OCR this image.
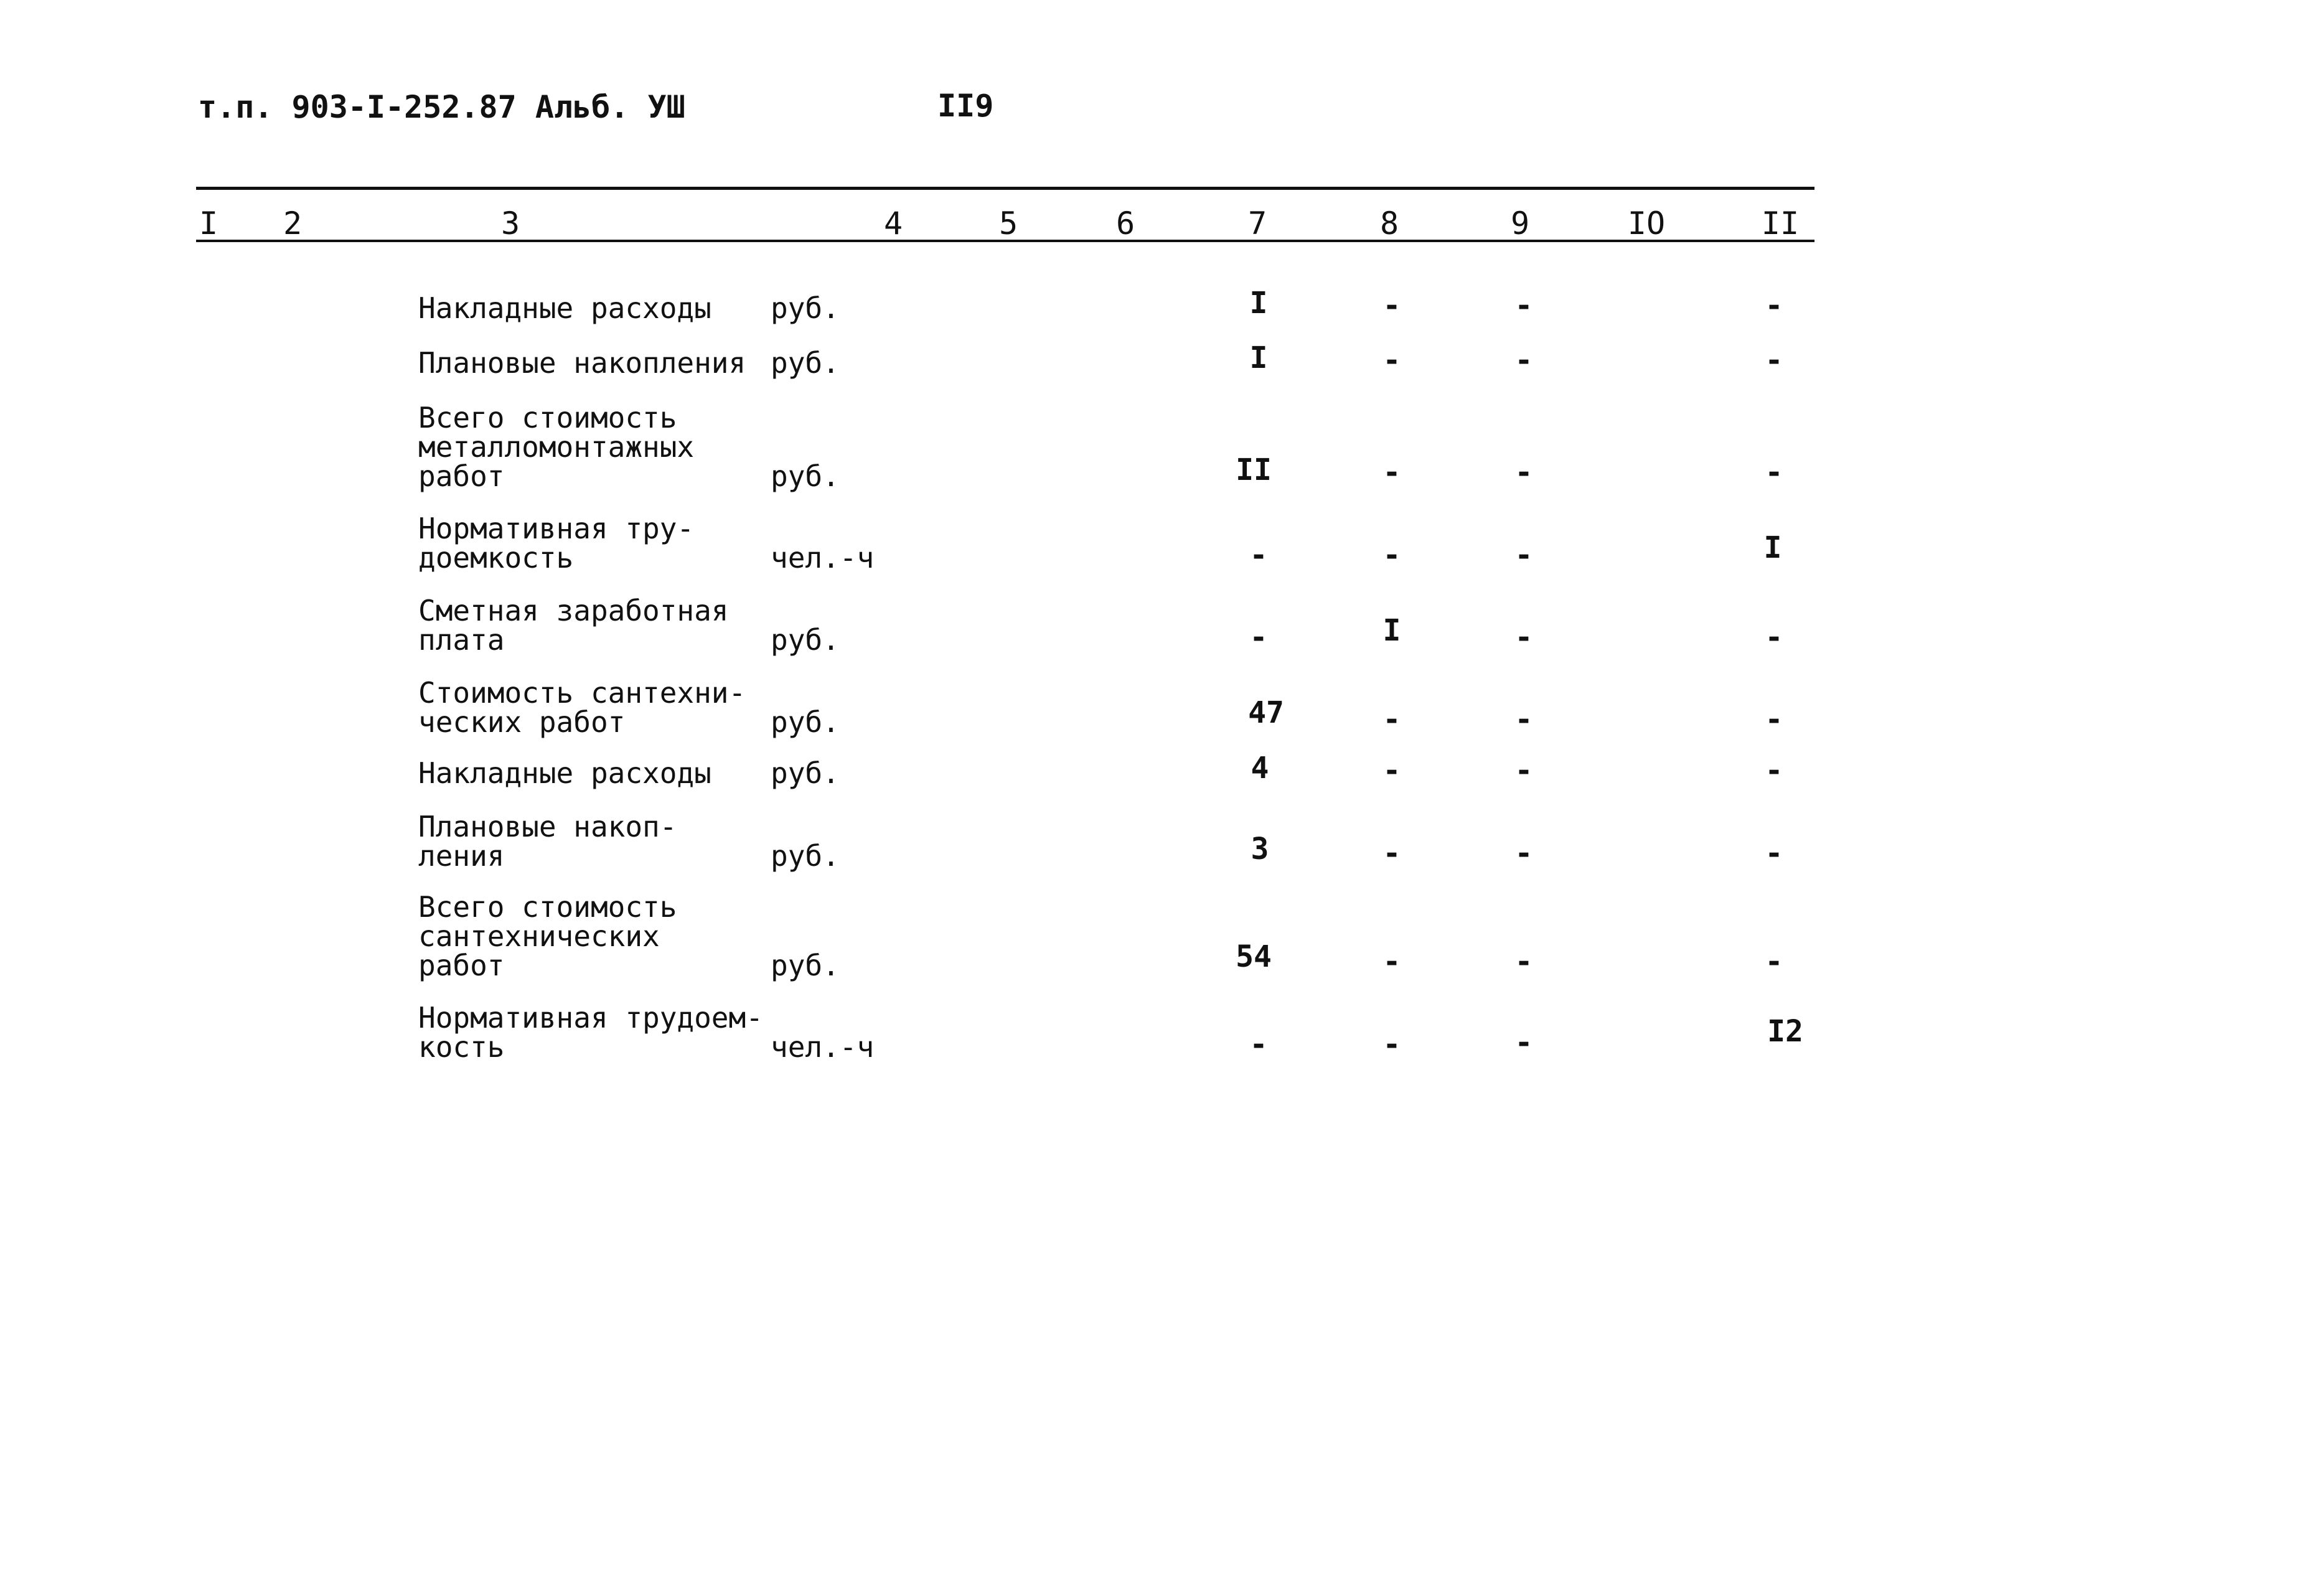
т.п. 903-I-252.87 Альб. УШ	II9
I 2	3	4	5	6	7	8	9	IO	II
Накладные расходы руб.	I	-	-	-
Плановые накопления руб.	I	-	-	-
Всего стоимость
металломонтажных
работ	руб.	II	-	-	-
Нормативная тру-
доемкость	чел.-ч	-	-	-	I
Сметная заработная
плата	руб.	-	I	-	-
Стоимость сантехни-
ческих работ	руб.	47	-	-	-
Накладные расходы руб.	4	-	-	-
Плановые накоп-
ления	руб.	3	-	-	-
Всего стоимость
сантехнических
работ	руб.	54	-	-	-
Нормативная трудоем-
кость	чел.-ч	-	-	-	I2
